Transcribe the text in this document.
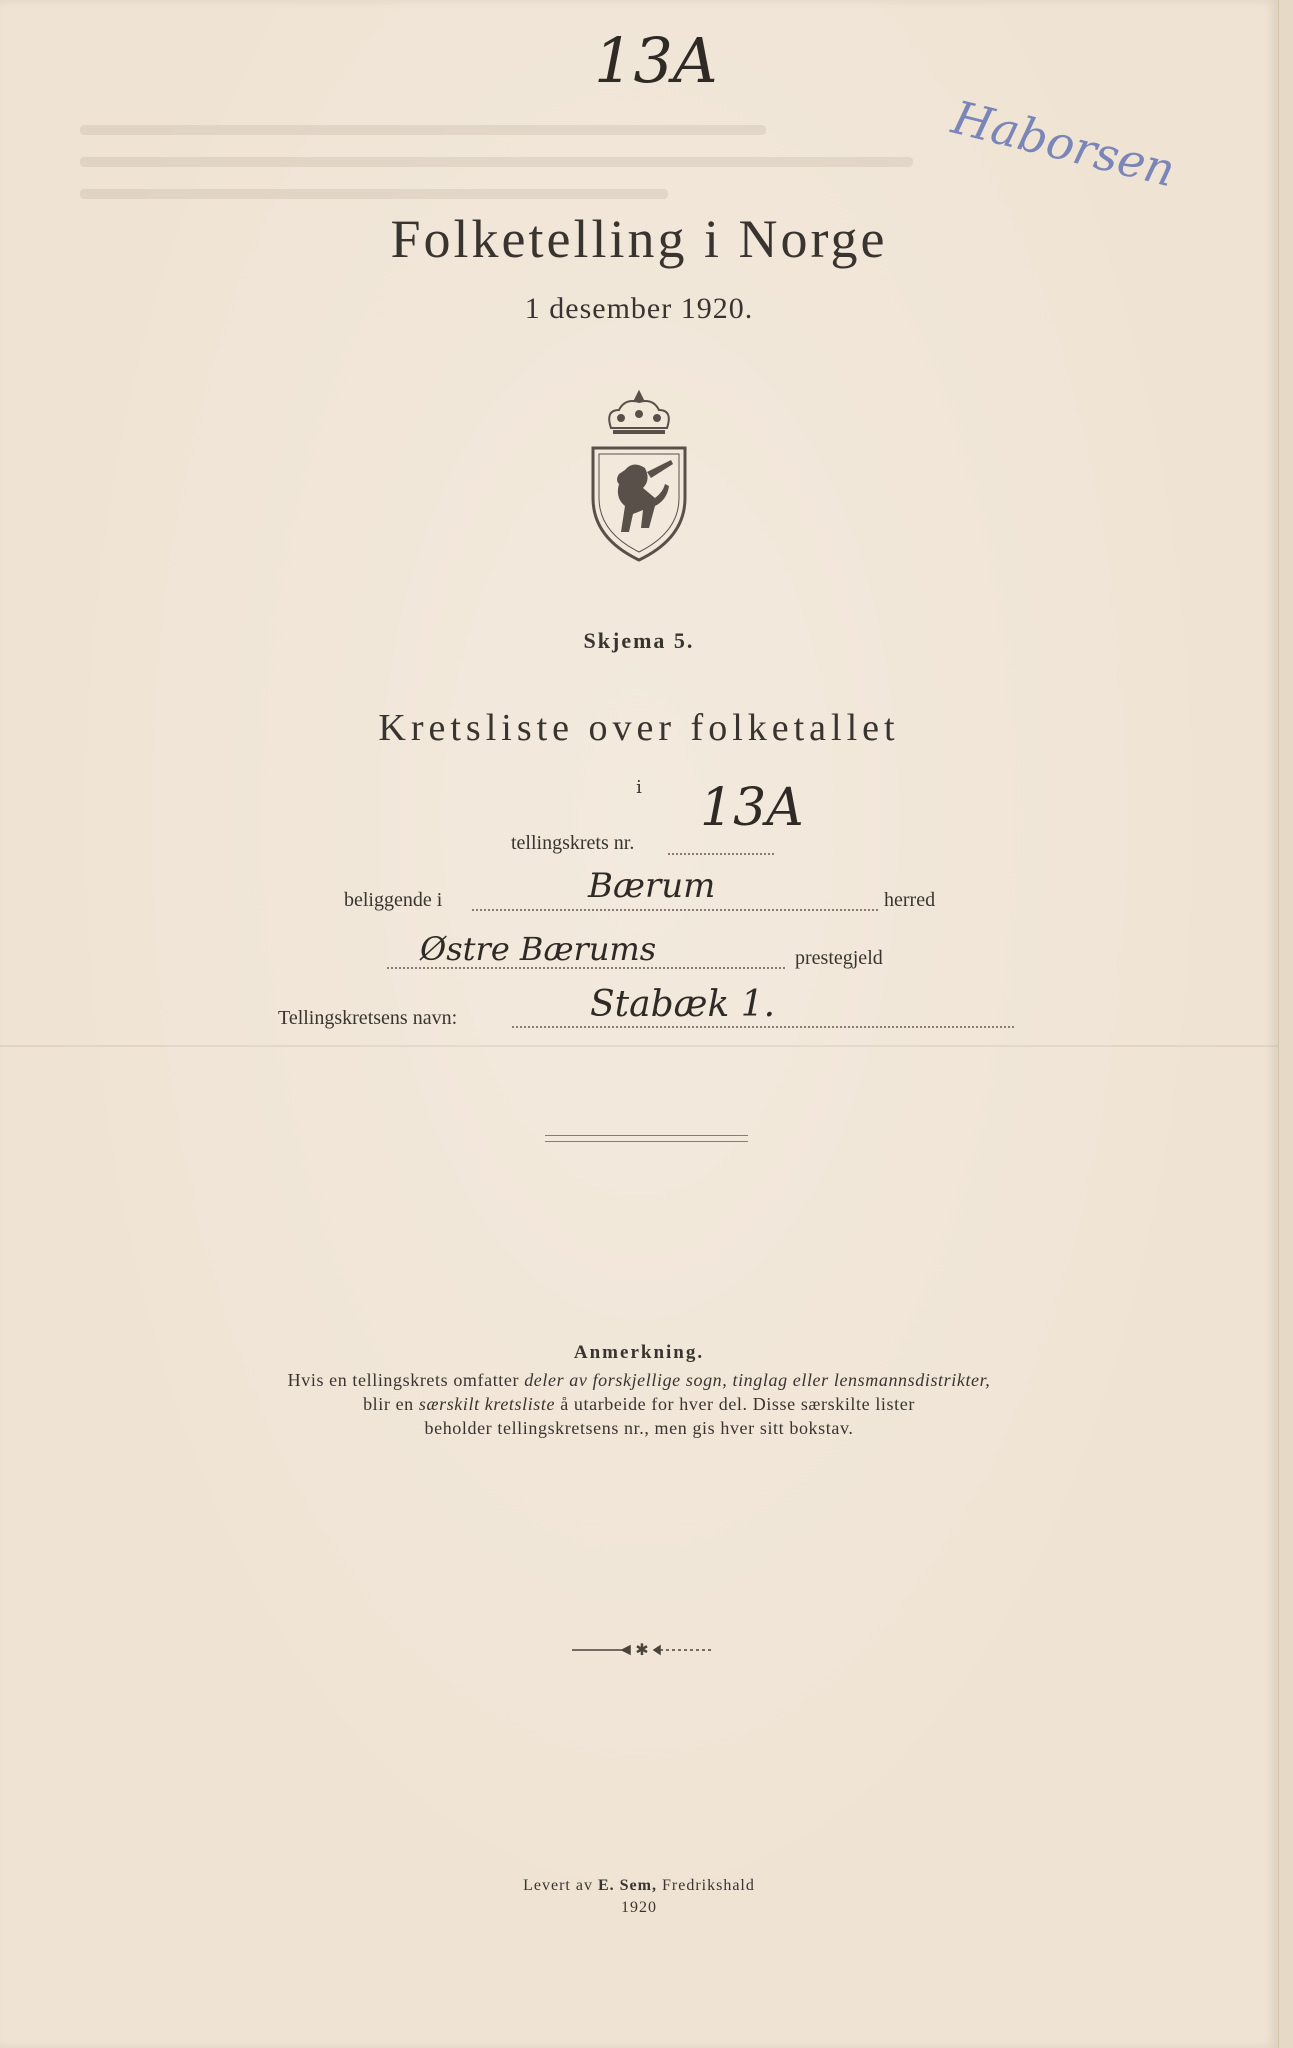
13A
Haborsen
Folketelling i Norge
1 desember 1920.
Skjema 5.
Kretsliste over folketallet
i
tellingskrets nr.
13A
beliggende i	Bærum	herred
Østre Bærums	prestegjeld
Tellingskretsens navn:	Stabæk 1.
Anmerkning.
Hvis en tellingskrets omfatter deler av forskjellige sogn, tinglag eller lensmannsdistrikter,
blir en særskilt kretsliste å utarbeide for hver del. Disse særskilte lister
beholder tellingskretsens nr., men gis hver sitt bokstav.
✱
Levert av E. Sem, Fredrikshald
1920
